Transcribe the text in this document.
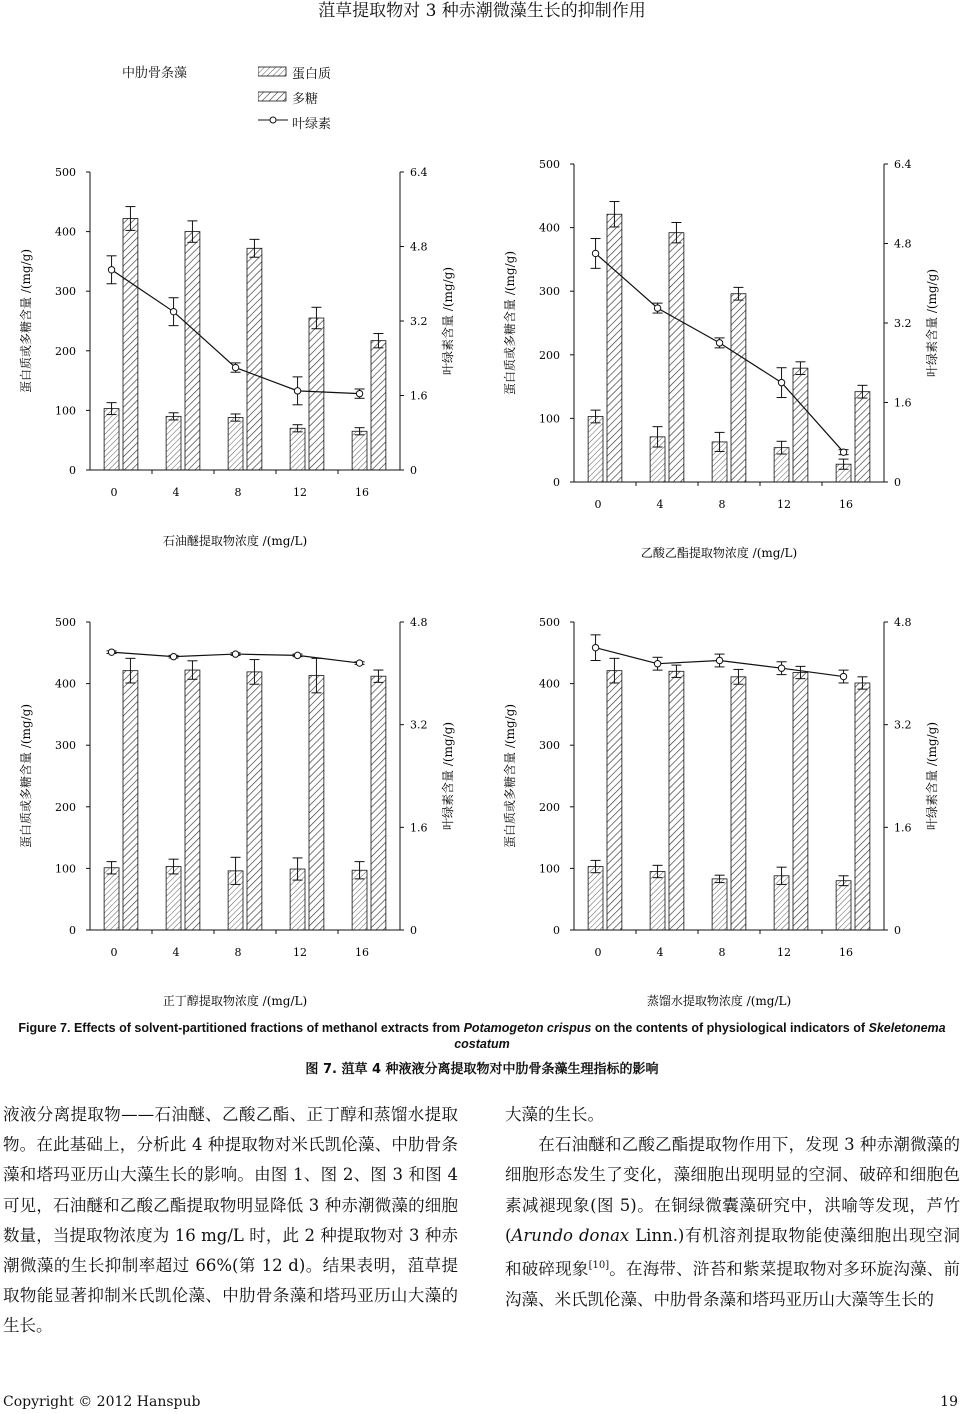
菹草提取物对 3 种赤潮微藻生长的抑制作用
中肋骨条藻	蛋白质
多糖
叶绿素
0
100
200
300
400
500
0
1.6
3.2
4.8
6.4
0	4	8	12	16
蛋白质或多糖含量 /(mg/g)	叶绿素含量 /(mg/g)
石油醚提取物浓度 /(mg/L)
0
100
200
300
400
500
0
1.6
3.2
4.8
6.4
0	4	8	12	16
蛋白质或多糖含量 /(mg/g)	叶绿素含量 /(mg/g)
乙酸乙酯提取物浓度 /(mg/L)
0
100
200
300
400
500
0
1.6
3.2
4.8
0	4	8	12	16
蛋白质或多糖含量 /(mg/g)	叶绿素含量 /(mg/g)
正丁醇提取物浓度 /(mg/L)
0
100
200
300
400
500
0
1.6
3.2
4.8
0	4	8	12	16
蛋白质或多糖含量 /(mg/g)	叶绿素含量 /(mg/g)
蒸馏水提取物浓度 /(mg/L)
Figure 7. Effects of solvent-partitioned fractions of methanol extracts from Potamogeton crispus on the contents of physiological indicators of Skeletonema costatum
图 7. 菹草 4 种液液分离提取物对中肋骨条藻生理指标的影响
液液分离提取物——石油醚、乙酸乙酯、正丁醇和蒸馏水提取物。在此基础上，分析此 4 种提取物对米氏凯伦藻、中肋骨条藻和塔玛亚历山大藻生长的影响。由图 1、图 2、图 3 和图 4 可见，石油醚和乙酸乙酯提取物明显降低 3 种赤潮微藻的细胞数量，当提取物浓度为 16 mg/L 时，此 2 种提取物对 3 种赤潮微藻的生长抑制率超过 66%(第 12 d)。结果表明，菹草提取物能显著抑制米氏凯伦藻、中肋骨条藻和塔玛亚历山大藻的生长。
大藻的生长。
在石油醚和乙酸乙酯提取物作用下，发现 3 种赤潮微藻的细胞形态发生了变化，藻细胞出现明显的空洞、破碎和细胞色素减褪现象(图 5)。在铜绿微囊藻研究中，洪喻等发现，芦竹(Arundo donax Linn.)有机溶剂提取物能使藻细胞出现空洞和破碎现象[10]。在海带、浒苔和紫菜提取物对多环旋沟藻、前沟藻、米氏凯伦藻、中肋骨条藻和塔玛亚历山大藻等生长的
Copyright © 2012 Hanspub	19
